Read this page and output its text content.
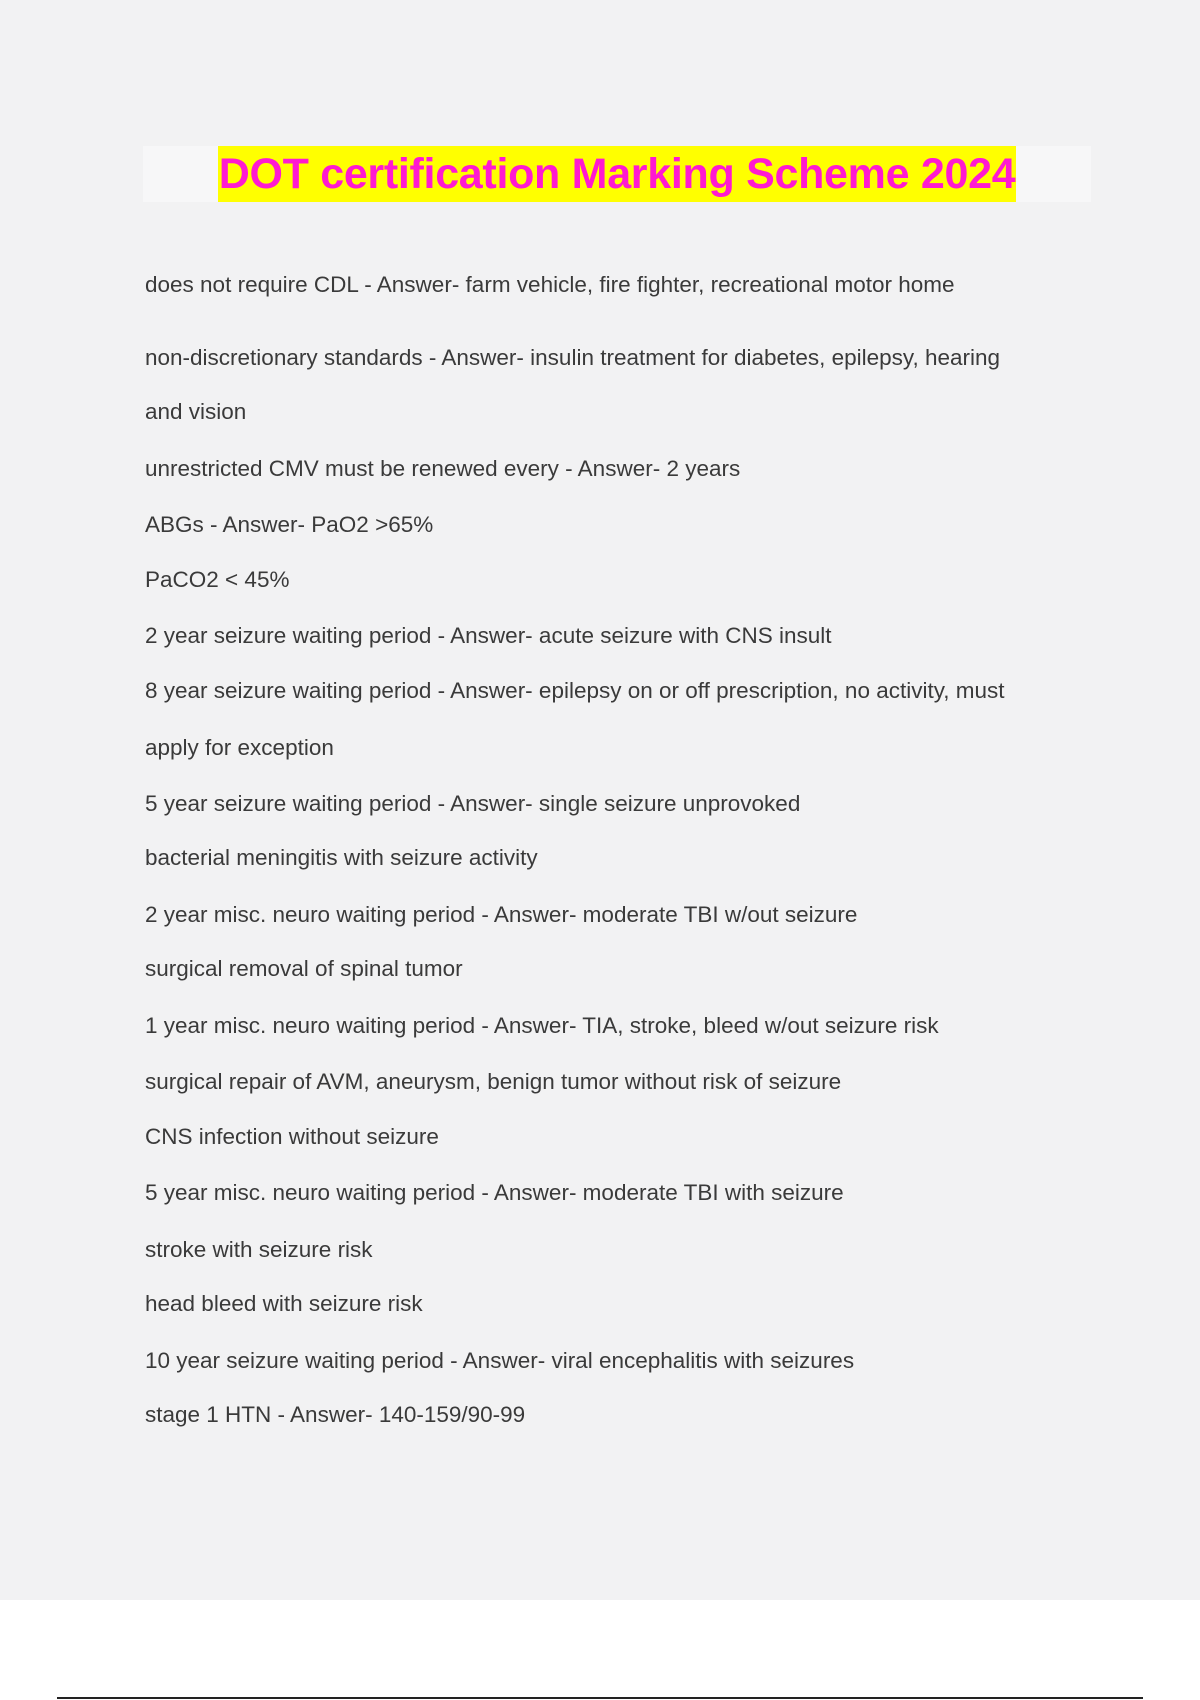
DOT certification Marking Scheme 2024
does not require CDL - Answer- farm vehicle, fire fighter, recreational motor home
non-discretionary standards - Answer- insulin treatment for diabetes, epilepsy, hearing
and vision
unrestricted CMV must be renewed every - Answer- 2 years
ABGs - Answer- PaO2 >65%
PaCO2 < 45%
2 year seizure waiting period - Answer- acute seizure with CNS insult
8 year seizure waiting period - Answer- epilepsy on or off prescription, no activity, must
apply for exception
5 year seizure waiting period - Answer- single seizure unprovoked
bacterial meningitis with seizure activity
2 year misc. neuro waiting period - Answer- moderate TBI w/out seizure
surgical removal of spinal tumor
1 year misc. neuro waiting period - Answer- TIA, stroke, bleed w/out seizure risk
surgical repair of AVM, aneurysm, benign tumor without risk of seizure
CNS infection without seizure
5 year misc. neuro waiting period - Answer- moderate TBI with seizure
stroke with seizure risk
head bleed with seizure risk
10 year seizure waiting period - Answer- viral encephalitis with seizures
stage 1 HTN - Answer- 140-159/90-99
